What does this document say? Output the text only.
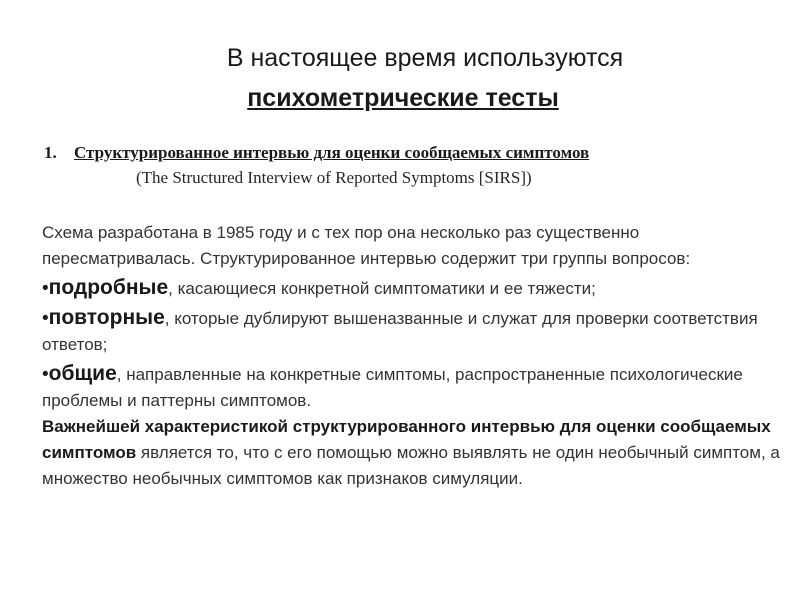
В настоящее время используются
психометрические тесты
1. Структурированное интервью для оценки сообщаемых симптомов
(The Structured Interview of Reported Symptoms [SIRS])

Схема разработана в 1985 году и с тех пор она несколько раз существенно пересматривалась. Структурированное интервью содержит три группы вопросов:

•подробные, касающиеся конкретной симптоматики и ее тяжести;

•повторные, которые дублируют вышеназванные и служат для проверки соответствия ответов;

•общие, направленные на конкретные симптомы, распространенные психологические проблемы и паттерны симптомов.

Важнейшей характеристикой структурированного интервью для оценки сообщаемых симптомов является то, что с его помощью можно выявлять не один необычный симптом, а множество необычных симптомов как признаков симуляции.
